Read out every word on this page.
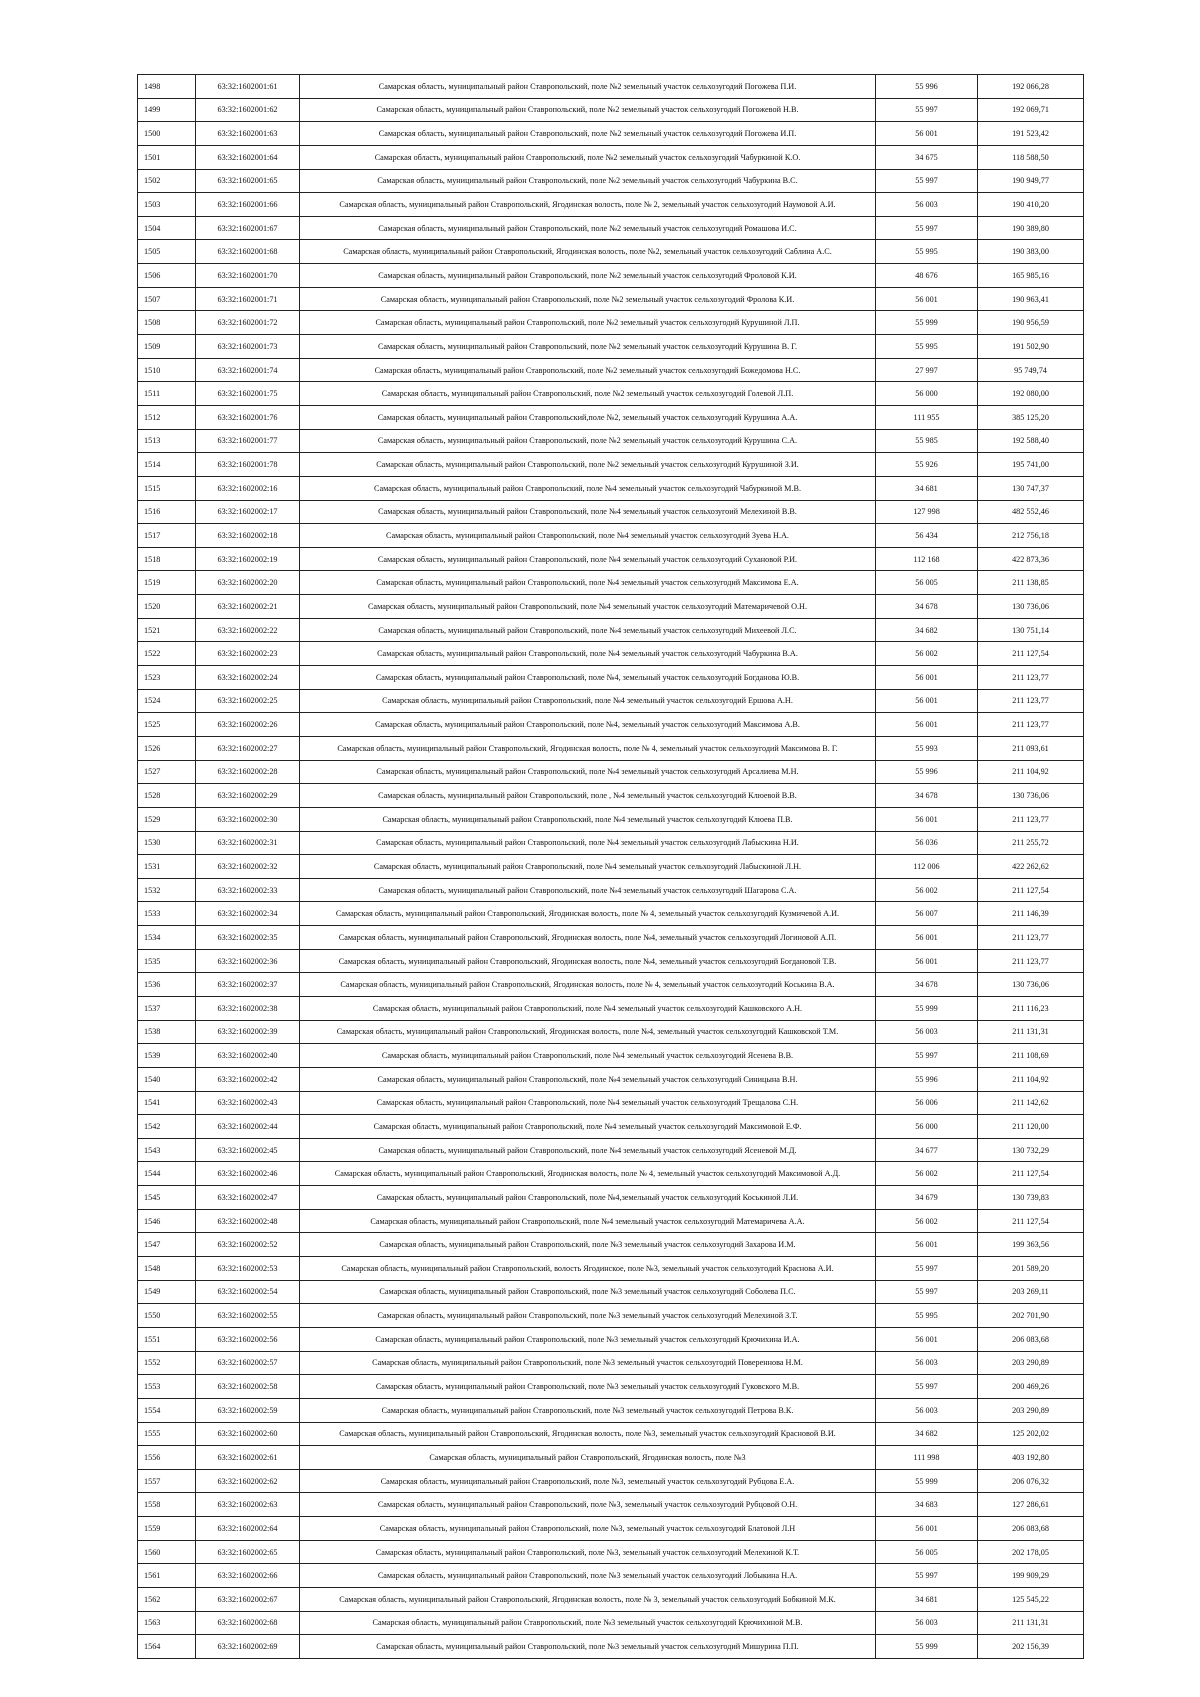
1498	63:32:1602001:61	Самарская область, муниципальный район Ставропольский, поле №2 земельный участок сельхозугодий Погожева П.И.	55 996	192 066,28
1499	63:32:1602001:62	Самарская область, муниципальный район Ставропольский, поле №2 земельный участок сельхозугодий Погожевой Н.В.	55 997	192 069,71
1500	63:32:1602001:63	Самарская область, муниципальный район Ставропольский, поле №2 земельный участок сельхозугодий Погожева И.П.	56 001	191 523,42
1501	63:32:1602001:64	Самарская область, муниципальный район Ставропольский, поле №2 земельный участок сельхозугодий Чабуркиной К.О.	34 675	118 588,50
1502	63:32:1602001:65	Самарская область, муниципальный район Ставропольский, поле №2 земельный участок сельхозугодий Чабуркина В.С.	55 997	190 949,77
1503	63:32:1602001:66	Самарская область, муниципальный район Ставропольский, Ягодинская волость, поле № 2, земельный участок сельхозугодий Наумовой А.И.	56 003	190 410,20
1504	63:32:1602001:67	Самарская область, муниципальный район Ставропольский, поле №2 земельный участок сельхозугодий Ромашова И.С.	55 997	190 389,80
1505	63:32:1602001:68	Самарская область, муниципальный район Ставропольский, Ягодинская волость, поле №2, земельный участок сельхозугодий Саблина А.С.	55 995	190 383,00
1506	63:32:1602001:70	Самарская область, муниципальный район Ставропольский, поле №2 земельный участок сельхозугодий Фроловой К.И.	48 676	165 985,16
1507	63:32:1602001:71	Самарская область, муниципальный район Ставропольский, поле №2 земельный участок сельхозугодий Фролова К.И.	56 001	190 963,41
1508	63:32:1602001:72	Самарская область, муниципальный район Ставропольский, поле №2 земельный участок сельхозугодий Курушиной Л.П.	55 999	190 956,59
1509	63:32:1602001:73	Самарская область, муниципальный район Ставропольский, поле №2 земельный участок сельхозугодий Курушина В. Г.	55 995	191 502,90
1510	63:32:1602001:74	Самарская область, муниципальный район Ставропольский, поле №2 земельный участок сельхозугодий Божедомова Н.С.	27 997	95 749,74
1511	63:32:1602001:75	Самарская область, муниципальный район Ставропольский, поле №2 земельный участок сельхозугодий Голевой Л.П.	56 000	192 080,00
1512	63:32:1602001:76	Самарская область, муниципальный район Ставропольский,поле №2, земельный участок сельхозугодий Курушина А.А.	111 955	385 125,20
1513	63:32:1602001:77	Самарская область, муниципальный район Ставропольский, поле №2 земельный участок сельхозугодий Курушина С.А.	55 985	192 588,40
1514	63:32:1602001:78	Самарская область, муниципальный район Ставропольский, поле №2 земельный участок сельхозугодий Курушиной З.И.	55 926	195 741,00
1515	63:32:1602002:16	Самарская область, муниципальный район Ставропольский, поле №4 земельный участок сельхозугодий Чабуркиной М.В.	34 681	130 747,37
1516	63:32:1602002:17	Самарская область, муниципальный район Ставропольский, поле №4 земельный участок сельхозугоий Мелехиной В.В.	127 998	482 552,46
1517	63:32:1602002:18	Самарская область, муниципальный район Ставропольский, поле №4 земельный участок сельхозугодий Зуева Н.А.	56 434	212 756,18
1518	63:32:1602002:19	Самарская область, муниципальный район Ставропольский, поле №4 земельный участок сельхозугодий Сухановой Р.И.	112 168	422 873,36
1519	63:32:1602002:20	Самарская область, муниципальный район Ставропольский, поле №4 земельный участок сельхозугодий Максимова Е.А.	56 005	211 138,85
1520	63:32:1602002:21	Самарская область, муниципальный район Ставропольский, поле №4 земельный участок сельхозугодий Матемаричевой О.Н.	34 678	130 736,06
1521	63:32:1602002:22	Самарская область, муниципальный район Ставропольский, поле №4 земельный участок сельхозугодий Михеевой Л.С.	34 682	130 751,14
1522	63:32:1602002:23	Самарская область, муниципальный район Ставропольский, поле №4 земельный участок сельхозугодий Чабуркина В.А.	56 002	211 127,54
1523	63:32:1602002:24	Самарская область, муниципальный район Ставропольский, поле №4, земельный участок сельхозугодий Богданова Ю.В.	56 001	211 123,77
1524	63:32:1602002:25	Самарская область, муниципальный район Ставропольский, поле №4 земельный участок сельхозугодий Ершова А.Н.	56 001	211 123,77
1525	63:32:1602002:26	Самарская область, муниципальный район Ставропольский, поле №4, земельный участок сельхозугодий Максимова А.В.	56 001	211 123,77
1526	63:32:1602002:27	Самарская область, муниципальный район Ставропольский, Ягодинская волость, поле № 4, земельный участок сельхозугодий Максимова В. Г.	55 993	211 093,61
1527	63:32:1602002:28	Самарская область, муниципальный район Ставропольский, поле №4 земельный участок сельхозугодий Арсалиева М.Н.	55 996	211 104,92
1528	63:32:1602002:29	Самарская область, муниципальный район Ставропольский, поле , №4 земельный участок сельхозугодий Клюевой В.В.	34 678	130 736,06
1529	63:32:1602002:30	Самарская область, муниципальный район Ставропольский, поле №4 земельный участок сельхозугодий Клюева П.В.	56 001	211 123,77
1530	63:32:1602002:31	Самарская область, муниципальный район Ставропольский, поле №4 земельный участок сельхозугодий Лабыскина Н.И.	56 036	211 255,72
1531	63:32:1602002:32	Самарская область, муниципальный район Ставропольский, поле №4 земельный участок сельхозугодий Лабыскиной Л.Н.	112 006	422 262,62
1532	63:32:1602002:33	Самарская область, муниципальный район Ставропольский, поле №4 земельный участок сельхозугодий Шагарова С.А.	56 002	211 127,54
1533	63:32:1602002:34	Самарская область, муниципальный район Ставропольский, Ягодинская волость, поле № 4, земельный участок сельхозугодий Кузмичевой А.И.	56 007	211 146,39
1534	63:32:1602002:35	Самарская область, муниципальный район Ставропольский, Ягодинская волость, поле №4, земельный участок сельхозугодий Логиновой А.П.	56 001	211 123,77
1535	63:32:1602002:36	Самарская область, муниципальный район Ставропольский, Ягодинская волость, поле №4, земельный участок сельхозугодий Богдановой Т.В.	56 001	211 123,77
1536	63:32:1602002:37	Самарская область, муниципальный район Ставропольский, Ягодинская волость, поле № 4, земельный участок сельхозугодий Коськина В.А.	34 678	130 736,06
1537	63:32:1602002:38	Самарская область, муниципальный район Ставропольский, поле №4 земельный участок сельхозугодий Кашковского А.Н.	55 999	211 116,23
1538	63:32:1602002:39	Самарская область, муниципальный район Ставропольский, Ягодинская волость, поле №4, земельный участок сельхозугодий Кашковской Т.М.	56 003	211 131,31
1539	63:32:1602002:40	Самарская область, муниципальный район Ставропольский, поле №4 земельный участок сельхозугодий Ясенева В.В.	55 997	211 108,69
1540	63:32:1602002:42	Самарская область, муниципальный район Ставропольский, поле №4 земельный участок сельхозугодий Синицына В.Н.	55 996	211 104,92
1541	63:32:1602002:43	Самарская область, муниципальный район Ставропольский, поле №4 земельный участок сельхозугодий Трещалова С.Н.	56 006	211 142,62
1542	63:32:1602002:44	Самарская область, муниципальный район Ставропольский, поле №4 земельный участок сельхозугодий Максимовой Е.Ф.	56 000	211 120,00
1543	63:32:1602002:45	Самарская область, муниципальный район Ставропольский, поле №4 земельный участок сельхозугодий Ясеневой М.Д.	34 677	130 732,29
1544	63:32:1602002:46	Самарская область, муниципальный район Ставропольский, Ягодинская волость, поле № 4, земельный участок сельхозугодий Максимовой А.Д.	56 002	211 127,54
1545	63:32:1602002:47	Самарская область, муниципальный район Ставропольский, поле №4,земельный участок сельхозугодий Коськиной Л.И.	34 679	130 739,83
1546	63:32:1602002:48	Самарская область, муниципальный район Ставропольский, поле №4 земельный участок сельхозугодий Матемаричева А.А.	56 002	211 127,54
1547	63:32:1602002:52	Самарская область, муниципальный район Ставропольский, поле №3 земельный участок сельхозугодий Захарова И.М.	56 001	199 363,56
1548	63:32:1602002:53	Самарская область, муниципальный район Ставропольский, волость Ягодинское, поле №3, земельный участок сельхозугодий Краснова А.И.	55 997	201 589,20
1549	63:32:1602002:54	Самарская область, муниципальный район Ставропольский, поле №3 земельный участок сельхозугодий Соболева П.С.	55 997	203 269,11
1550	63:32:1602002:55	Самарская область, муниципальный район Ставропольский, поле №3 земельный участок сельхозугодий Мелехиной З.Т.	55 995	202 701,90
1551	63:32:1602002:56	Самарская область, муниципальный район Ставропольский, поле №3 земельный участок сельхозугодий Крючихина И.А.	56 001	206 083,68
1552	63:32:1602002:57	Самарская область, муниципальный район Ставропольский, поле №3 земельный участок сельхозугодий Повереннова Н.М.	56 003	203 290,89
1553	63:32:1602002:58	Самарская область, муниципальный район Ставропольский, поле №3 земельный участок сельхозугодий Гуковского М.В.	55 997	200 469,26
1554	63:32:1602002:59	Самарская область, муниципальный район Ставропольский, поле №3 земельный участок сельхозугодий Петрова В.К.	56 003	203 290,89
1555	63:32:1602002:60	Самарская область, муниципальный район Ставропольский, Ягодинская волость, поле №3, земельный участок сельхозугодий Красновой В.И.	34 682	125 202,02
1556	63:32:1602002:61	Самарская область, муниципальный район Ставропольский, Ягодинская волость, поле №3	111 998	403 192,80
1557	63:32:1602002:62	Самарская область, муниципальный район Ставропольский, поле №3, земельный участок сельхозугодий Рубцова Е.А.	55 999	206 076,32
1558	63:32:1602002:63	Самарская область, муниципальный район Ставропольский, поле №3, земельный участок сельхозугодий Рубцовой О.Н.	34 683	127 286,61
1559	63:32:1602002:64	Самарская область, муниципальный район Ставропольский, поле №3, земельный участок сельхозугодий Блатовой Л.Н	56 001	206 083,68
1560	63:32:1602002:65	Самарская область, муниципальный район Ставропольский, поле №3, земельный участок сельхозугодий Мелехиной К.Т.	56 005	202 178,05
1561	63:32:1602002:66	Самарская область, муниципальный район Ставропольский, поле №3 земельный участок сельхозугодий Лобыкина Н.А.	55 997	199 909,29
1562	63:32:1602002:67	Самарская область, муниципальный район Ставропольский, Ягодинская волость, поле № 3, земельный участок сельхозугодий Бобкиной М.К.	34 681	125 545,22
1563	63:32:1602002:68	Самарская область, муниципальный район Ставропольский, поле №3 земельный участок сельхозугодий Крючихиной М.В.	56 003	211 131,31
1564	63:32:1602002:69	Самарская область, муниципальный район Ставропольский, поле №3 земельный участок сельхозугодий Мишурина П.П.	55 999	202 156,39
